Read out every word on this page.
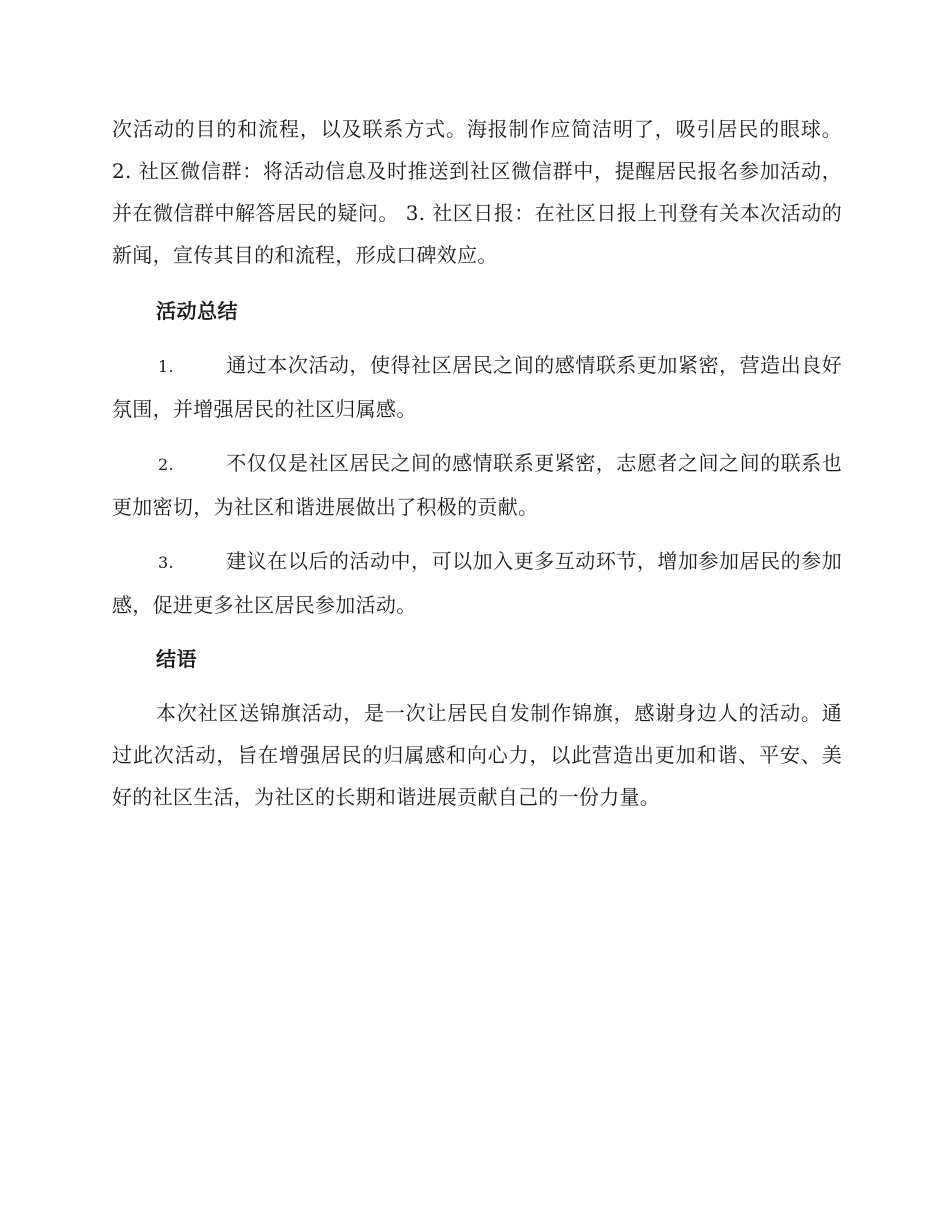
次活动的目的和流程，以及联系方式。海报制作应简洁明了，吸引居民的眼球。 2. 社区微信群：将活动信息及时推送到社区微信群中，提醒居民报名参加活动，并在微信群中解答居民的疑问。 3. 社区日报：在社区日报上刊登有关本次活动的新闻，宣传其目的和流程，形成口碑效应。

活动总结

1.	通过本次活动，使得社区居民之间的感情联系更加紧密，营造出良好氛围，并增强居民的社区归属感。

2.	不仅仅是社区居民之间的感情联系更紧密，志愿者之间之间的联系也更加密切，为社区和谐进展做出了积极的贡献。

3.	建议在以后的活动中，可以加入更多互动环节，增加参加居民的参加感，促进更多社区居民参加活动。

结语

本次社区送锦旗活动，是一次让居民自发制作锦旗，感谢身边人的活动。通过此次活动，旨在增强居民的归属感和向心力，以此营造出更加和谐、平安、美好的社区生活，为社区的长期和谐进展贡献自己的一份力量。
